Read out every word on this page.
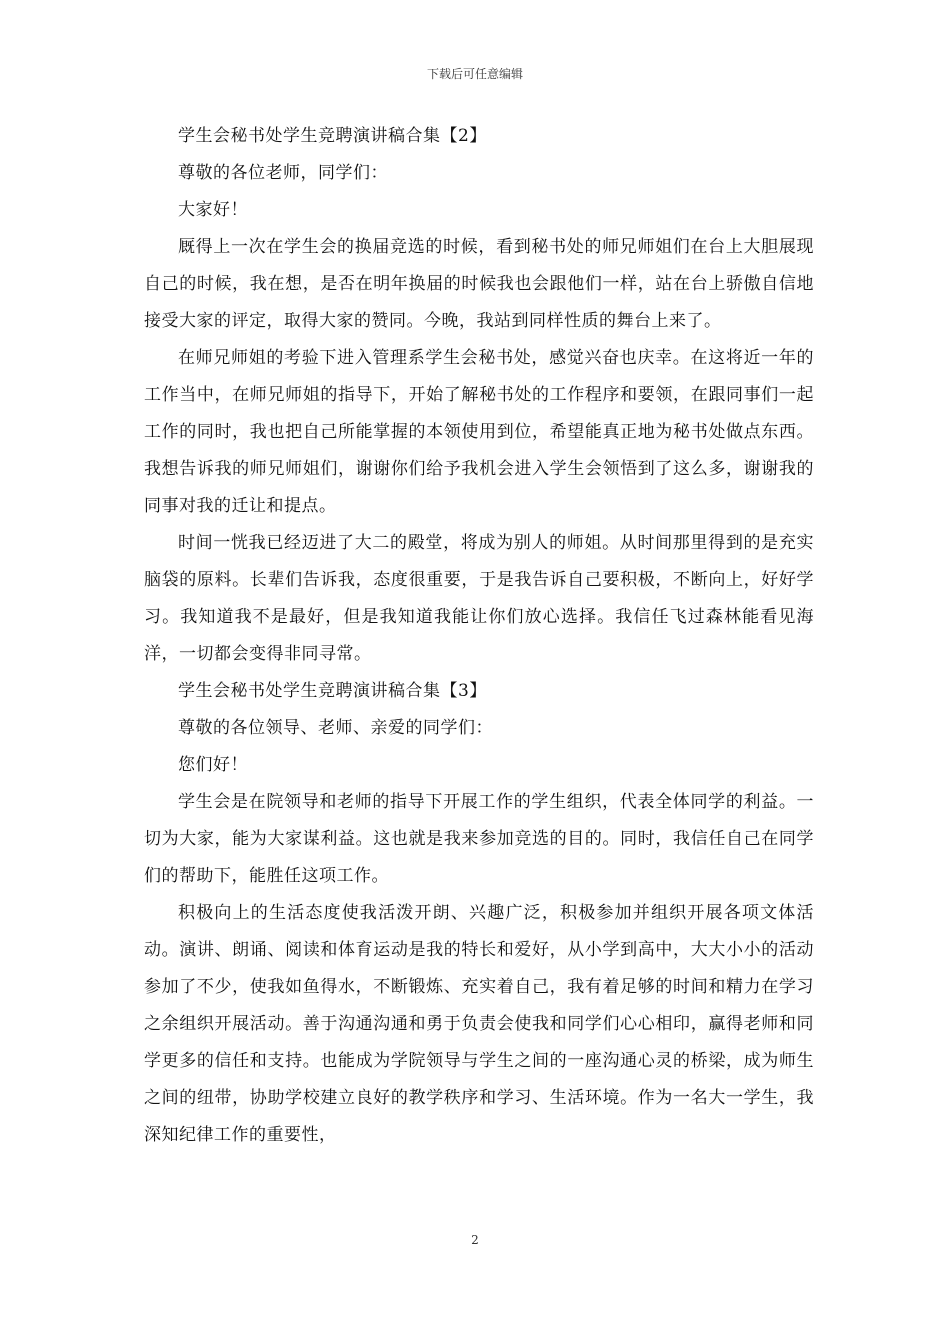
下载后可任意编辑

学生会秘书处学生竞聘演讲稿合集【2】

尊敬的各位老师，同学们：

大家好！

厩得上一次在学生会的换届竞选的时候，看到秘书处的师兄师姐们在台上大胆展现自己的时候，我在想，是否在明年换届的时候我也会跟他们一样，站在台上骄傲自信地接受大家的评定，取得大家的赞同。今晚，我站到同样性质的舞台上来了。

在师兄师姐的考验下进入管理系学生会秘书处，感觉兴奋也庆幸。在这将近一年的工作当中，在师兄师姐的指导下，开始了解秘书处的工作程序和要领，在跟同事们一起工作的同时，我也把自己所能掌握的本领使用到位，希望能真正地为秘书处做点东西。我想告诉我的师兄师姐们，谢谢你们给予我机会进入学生会领悟到了这么多，谢谢我的同事对我的迁让和提点。

时间一恍我已经迈进了大二的殿堂，将成为别人的师姐。从时间那里得到的是充实脑袋的原料。长辈们告诉我，态度很重要，于是我告诉自己要积极，不断向上，好好学习。我知道我不是最好，但是我知道我能让你们放心选择。我信任飞过森林能看见海洋，一切都会变得非同寻常。

学生会秘书处学生竞聘演讲稿合集【3】

尊敬的各位领导、老师、亲爱的同学们：

您们好！

学生会是在院领导和老师的指导下开展工作的学生组织，代表全体同学的利益。一切为大家，能为大家谋利益。这也就是我来参加竞选的目的。同时，我信任自己在同学们的帮助下，能胜任这项工作。

积极向上的生活态度使我活泼开朗、兴趣广泛，积极参加并组织开展各项文体活动。演讲、朗诵、阅读和体育运动是我的特长和爱好，从小学到高中，大大小小的活动参加了不少，使我如鱼得水，不断锻炼、充实着自己，我有着足够的时间和精力在学习之余组织开展活动。善于沟通沟通和勇于负责会使我和同学们心心相印，赢得老师和同学更多的信任和支持。也能成为学院领导与学生之间的一座沟通心灵的桥梁，成为师生之间的纽带，协助学校建立良好的教学秩序和学习、生活环境。作为一名大一学生，我深知纪律工作的重要性，

2
